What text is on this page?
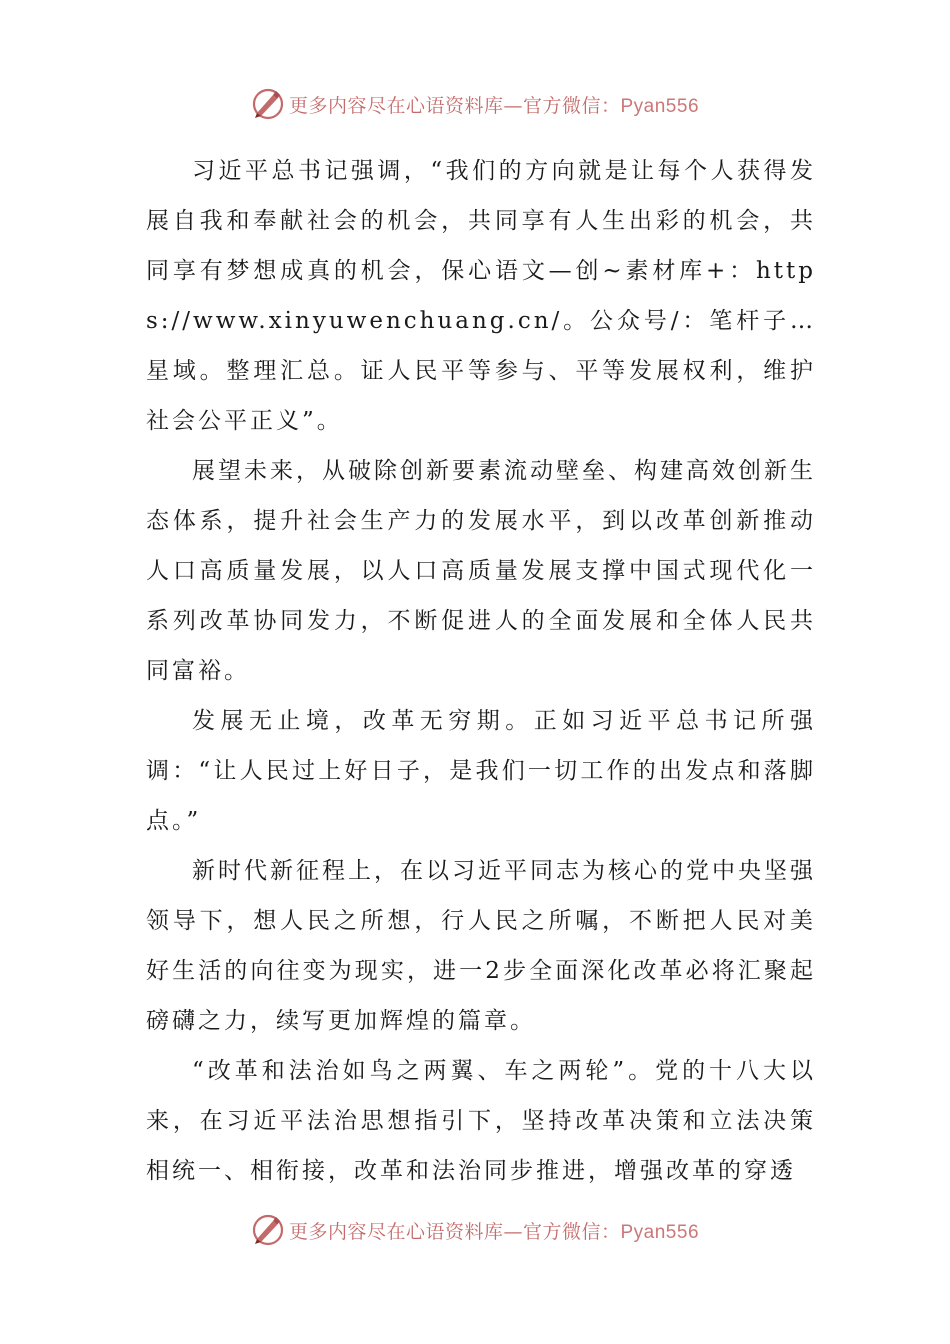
更多内容尽在心语资料库—官方微信：Pyan556

习近平总书记强调，“我们的方向就是让每个人获得发展自我和奉献社会的机会，共同享有人生出彩的机会，共同享有梦想成真的机会，保心语文—创~素材库+：https://www.xinyuwenchuang.cn/。公众号/：笔杆子…星域。整理汇总。证人民平等参与、平等发展权利，维护社会公平正义”。

展望未来，从破除创新要素流动壁垒、构建高效创新生态体系，提升社会生产力的发展水平，到以改革创新推动人口高质量发展，以人口高质量发展支撑中国式现代化一系列改革协同发力，不断促进人的全面发展和全体人民共同富裕。

发展无止境，改革无穷期。正如习近平总书记所强调：“让人民过上好日子，是我们一切工作的出发点和落脚点。”

新时代新征程上，在以习近平同志为核心的党中央坚强领导下，想人民之所想，行人民之所嘱，不断把人民对美好生活的向往变为现实，进一2步全面深化改革必将汇聚起磅礴之力，续写更加辉煌的篇章。

“改革和法治如鸟之两翼、车之两轮”。党的十八大以来，在习近平法治思想指引下，坚持改革决策和立法决策相统一、相衔接，改革和法治同步推进，增强改革的穿透

更多内容尽在心语资料库—官方微信：Pyan556
